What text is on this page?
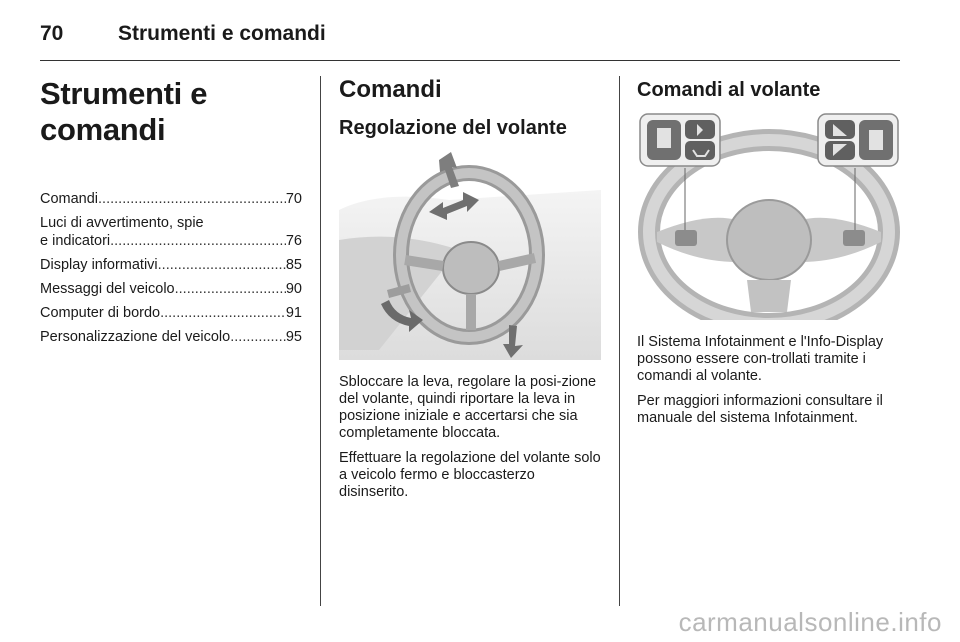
70	Strumenti e comandi
Strumenti e comandi
Comandi .....	70
Luci di avvertimento, spie
e indicatori .....	76
Display informativi .....	85
Messaggi del veicolo .....	90
Computer di bordo .....	91
Personalizzazione del veicolo .....	95
Comandi
Regolazione del volante

Sbloccare la leva, regolare la posi-zione del volante, quindi riportare la leva in posizione iniziale e accertarsi che sia completamente bloccata.

Effettuare la regolazione del volante solo a veicolo fermo e bloccasterzo disinserito.

Comandi al volante

Il Sistema Infotainment e l'Info-Display possono essere con-trollati tramite i comandi al volante.

Per maggiori informazioni consultare il manuale del sistema Infotainment.

carmanualsonline.info
